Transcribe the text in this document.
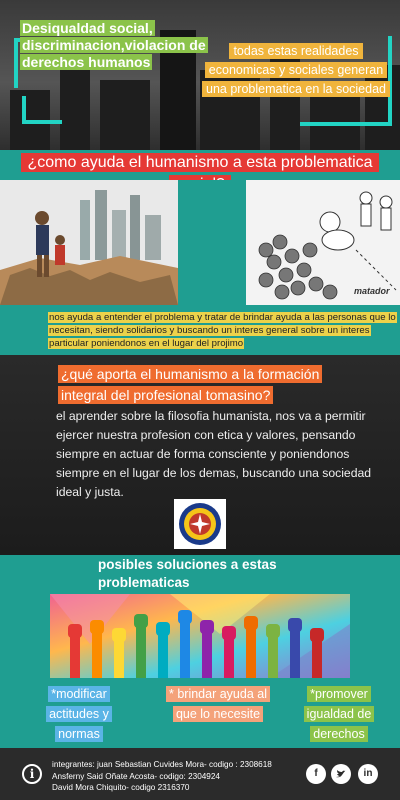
Desiqualdad social, discriminacion,violacion de derechos humanos
todas estas realidades economicas y sociales generan una problematica en la sociedad
¿como ayuda el humanismo a esta problematica
matador
nos ayuda a entender el problema y tratar de brindar ayuda a las personas que lo necesitan, siendo solidarios y buscando un interes general sobre un interes particular poniendonos en el lugar del projimo
¿qué aporta el humanismo a la formación integral del profesional tomasino?
el aprender sobre la filosofia humanista, nos va a permitir ejercer nuestra profesion con etica y valores, pensando siempre en actuar de forma consciente y poniendonos siempre en el lugar de los demas, buscando una sociedad ideal y justa.
posibles soluciones a estas problematicas
*modificar actitudes y normas
* brindar ayuda al que lo necesite
*promover igualdad de derechos
i
integrantes: juan Sebastian Cuvides Mora- codigo : 2308618
Ansferny Said Oñate Acosta- codigo: 2304924
David Mora Chiquito- codigo 2316370
f	in
